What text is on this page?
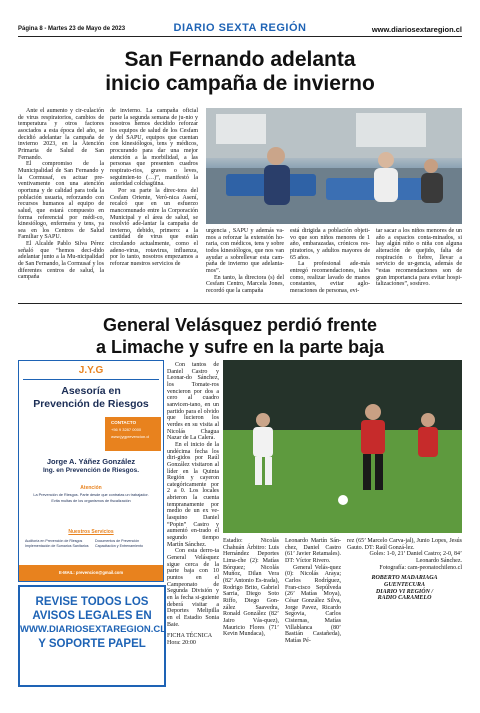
Página 8 - Martes 23 de Mayo de 2023	DIARIO SEXTA REGIÓN	www.diariosextaregion.cl
San Fernando adelanta
inicio campaña de invierno

Ante el aumento y cir-culación de virus respiratorios, cambios de temperatura y otros factores asociados a esta época del año, se decidió adelantar la campaña de invierno 2023, en la Atención Primaria de Salud de San Fernando.

El compromiso de la Municipalidad de San Fernando y la Cormusaf, es actuar pre-ventivamente con una atención oportuna y de calidad para toda la población usuaria, reforzando con recursos humanos al equipo de salud, que estará compuesto en forma referencial por médi-co, kinesiólogo, enfermera y tens, ya sea en los Centros de Salud Familiar y SAPU.

El Alcalde Pablo Silva Pérez señaló que “hemos deci-dido adelantar junto a la Mu-nicipalidad de San Fernando, la Cormusaf y los diferentes centros de salud, la campaña

de invierno. La campaña oficial parte la segunda semana de ju-nio y nosotros hemos decidido reforzar los equipos de salud de los Cesfam y del SAPU, equipos que cuentan con kinesiólogos, tens y médicos, procurando para dar una mejor atención a la morbilidad, a las personas que presenten cuadros respirato-rios, graves o leves, seguimien-to (…)”, manifestó la autoridad colchagüina.

Por su parte la direc-tora del Cesfam Oriente, Veró-nica Asení, recalcó que en un esfuerzo mancomunado entre la Corporación Municipal y el área de salud, se resolvió ade-lantar la campaña de invierno, debido, primero: a la cantidad de virus que están circulando actualmente, como el adeno-virus, rotavirus, influenza, por lo tanto, nosotros empezamos a reforzar nuestros servicios de

urgencia , SAPU y además va-mos a reforzar la extensión ho-raria, con médicos, tens y sobre todos kinesiólogos, que nos van ayudar a sobrellevar esta cam-paña de invierno que adelanta-mos”.

En tanto, la directora (s) del Cesfam Centro, Marcela Jones, recordó que la campaña

está dirigida a población objeti-vo que son niños menores de 1 año, embarazadas, crónicos res-piratorios, y adultos mayores de 65 años.

La profesional ade-más entregó recomendaciones, tales como, realizar lavado de manos constantes, evitar aglo-meraciones de personas, evi-

tar sacar a los niños menores de un año a espacios conta-minados, si hay algún niño o niña con alguna alteración de quejido, falta de respiración o fiebre, llevar a servicio de ur-gencia, además de “estas recomendaciones son de gran importancia para evitar hospi-talizaciones”, sostuvo.

General Velásquez perdió frente
a Limache y sufre en la parte baja
J.Y.G
Asesoría en
Prevención de Riesgos
CONTACTO
+56 9 3287 0000
www.jygprevencion.cl
Jorge A. Yáñez González
Ing. en Prevención de Riesgos.
Atención
La Prevención de Riesgos. Parte desde que contratas un trabajador.
Evita multas de los organismos de fiscalización
Nuestros Servicios
Auditoría en Prevención de Riesgos
Implementación de Sumarios Sanitarios
Documentos de Prevención
Capacitación y Entrenamiento
E-MAIL: prevencion@gmail.com
REVISE TODOS LOS
AVISOS LEGALES EN
WWW.DIARIOSEXTAREGION.CL
Y SOPORTE PAPEL

Con tantos de Daniel Castro y Leonar-do Sánchez, los Tomate-ros vencieron por dos a cero al cuadro sanvicen-tano, en un partido para el olvido que lucieron los verdes en su visita al Nicolás Chagua Nazar de La Calera.

En el inicio de la undécima fecha los diri-gidos por Raúl González visitaron al líder en la Quinta Región y cayeron categóricamente por 2 a 0. Los locales abrieron la cuenta tempranamente por medio de un ex ve-lasquino Daniel “Popin” Castro y aumentó en-trado el segundo tiempo Martín Sánchez.

Con esta derro-ta General Velásquez sigue cerca de la parte baja con 10 puntos en el Campeonato de Segunda División y en la fecha si-guiente deberá visitar a Deportes Melipilla en el Estadio Sonia Baie.

FICHA TÉCNICA
Hora: 20:00

Estadio: Nicolás Chahuán Árbitro: Luis Hernández Deportes Lima-che (2): Matías Bórquez; Nicolás Muñoz, Dilan Vera (82’ Antonio Es-trada), Rodrigo Brito, Gabriel Sarria, Diego Soto Riffo, Diego Gon-zález Saavedra, Ronald González (82’ Jairo Vás-quez), Mauricio Flores (71’ Kevin Mundaca),

Leonardo Martín Sán-chez, Daniel Castro (61’ Javier Retamales). DT: Víctor Rivero.

General Velás-quez (0): Nicolás Araya; Carlos Rodríguez, Fran-cisco Sepúlveda (26’ Matías Moya), César González Silva, Jorge Pavez, Ricardo Segovia, Carlos Cisternas, Matías Villablanca (80’ Bastián Castañeda), Matías Pé-

rez (65’ Marcelo Carva-jal), Junio Lopes, Jesús Gauto. DT: Raúl Gonzá-lez.

Goles: 1-0, 21’ Daniel Castro; 2-0, 84’ Leonardo Sánchez.

Fotografía: cam-peonatochileno.cl

ROBERTO MADARIAGA
GUENTECURA
DIARIO VI REGIÓN /
RADIO CARAMELO
